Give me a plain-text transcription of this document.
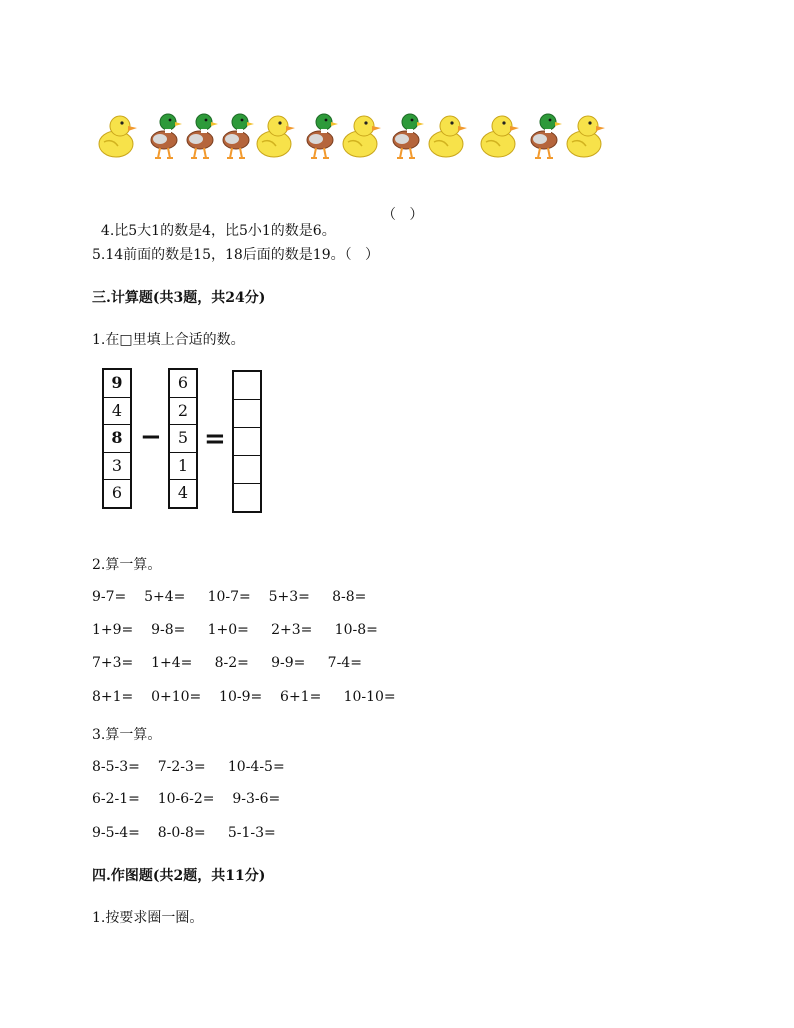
4.比5大1的数是4，比5小1的数是6。

（   ）
5.14前面的数是15，18后面的数是19。（   ）
三.计算题(共3题，共24分)
1.在□里填上合适的数。
9
4
8
3
6
−
6
2
5
1
4
=
2.算一算。
9-7=    5+4=     10-7=    5+3=     8-8=
1+9=    9-8=     1+0=     2+3=     10-8=
7+3=    1+4=     8-2=     9-9=     7-4=
8+1=    0+10=    10-9=    6+1=     10-10=
3.算一算。
8-5-3=    7-2-3=     10-4-5=
6-2-1=    10-6-2=    9-3-6=
9-5-4=    8-0-8=     5-1-3=
四.作图题(共2题，共11分)
1.按要求圈一圈。
